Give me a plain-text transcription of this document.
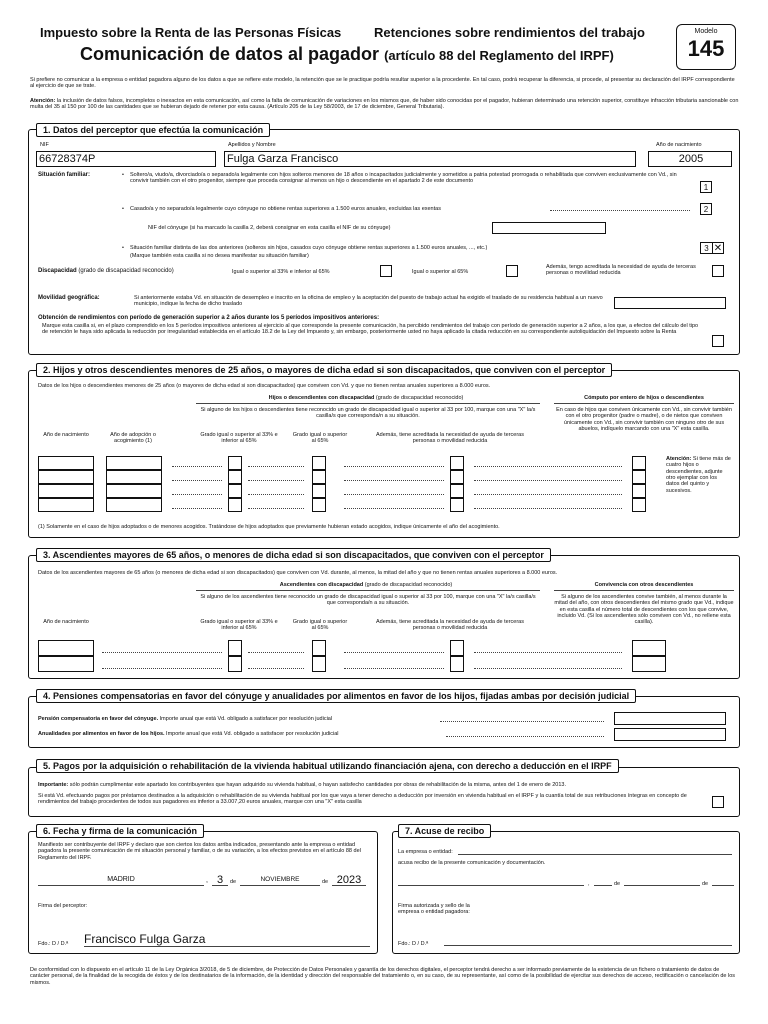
Impuesto sobre la Renta de las Personas Físicas	Retenciones sobre rendimientos del trabajo
Comunicación de datos al pagador (artículo 88 del Reglamento del IRPF)
Modelo
145
Si prefiere no comunicar a la empresa o entidad pagadora alguno de los datos a que se refiere este modelo, la retención que se le practique podría resultar superior a la procedente. En tal caso, podrá recuperar la diferencia, si procede, al presentar su declaración del IRPF correspondiente al ejercicio de que se trate.
Atención: la inclusión de datos falsos, incompletos o inexactos en esta comunicación, así como la falta de comunicación de variaciones en los mismos que, de haber sido conocidas por el pagador, hubieran determinado una retención superior, constituye infracción tributaria sancionable con multa del 35 al 150 por 100 de las cantidades que se hubieran dejado de retener por esta causa. (Artículo 205 de la Ley 58/2003, de 17 de diciembre, General Tributaria).
1. Datos del perceptor que efectúa la comunicación
NIF
66728374P
Apellidos y Nombre
Fulga Garza Francisco
Año de nacimiento
2005
Situación familiar:	• Soltero/a, viudo/a, divorciado/a o separado/a legalmente con hijos solteros menores de 18 años o incapacitados judicialmente y sometidos a patria potestad prorrogada o rehabilitada que conviven exclusivamente con Vd., sin convivir también con el otro progenitor, siempre que proceda consignar al menos un hijo o descendiente en el apartado 2 de este documento
1
• Casado/a y no separado/a legalmente cuyo cónyuge no obtiene rentas superiores a 1.500 euros anuales, excluidas las exentas	2
NIF del cónyuge (si ha marcado la casilla 2, deberá consignar en esta casilla el NIF de su cónyuge)
• Situación familiar distinta de las dos anteriores (solteros sin hijos, casados cuyo cónyuge obtiene rentas superiores a 1.500 euros anuales, ..., etc.)
(Marque también esta casilla si no desea manifestar su situación familiar)
3 ✕
Discapacidad (grado de discapacidad reconocido)	Igual o superior al 33% e inferior al 65%	Igual o superior al 65%
Además, tengo acreditada la necesidad de ayuda de terceras personas o movilidad reducida
Movilidad geográfica:	Si anteriormente estaba Vd. en situación de desempleo e inscrito en la oficina de empleo y la aceptación del puesto de trabajo actual ha exigido el traslado de su residencia habitual a un nuevo municipio, indique la fecha de dicho traslado
Obtención de rendimientos con período de generación superior a 2 años durante los 5 períodos impositivos anteriores:
Marque esta casilla si, en el plazo comprendido en los 5 períodos impositivos anteriores al ejercicio al que corresponde la presente comunicación, ha percibido rendimientos del trabajo con período de generación superior a 2 años, a los que, a efectos del cálculo del tipo de retención le haya sido aplicada la reducción por irregularidad establecida en el artículo 18.2 de la Ley del Impuesto y, sin embargo, posteriormente usted no haya aplicado la citada reducción en su correspondiente autoliquidación del Impuesto sobre la Renta
2. Hijos y otros descendientes menores de 25 años, o mayores de dicha edad si son discapacitados, que conviven con el perceptor
Datos de los hijos o descendientes menores de 25 años (o mayores de dicha edad si son discapacitados) que conviven con Vd. y que no tienen rentas anuales superiores a 8.000 euros.
Hijos o descendientes con discapacidad (grado de discapacidad reconocido)
Si alguno de los hijos o descendientes tiene reconocido un grado de discapacidad igual o superior al 33 por 100, marque con una "X" la/s casilla/s que corresponda/n a su situación.
Cómputo por entero de hijos o descendientes
En caso de hijos que conviven únicamente con Vd., sin convivir también con el otro progenitor (padre o madre), o de nietos que conviven únicamente con Vd., sin convivir también con ninguno otro de sus abuelos, indíquelo marcando con una "X" esta casilla.
Año de nacimiento	Año de adopción o acogimiento (1)
Grado igual o superior al 33% e inferior al 65%
Grado igual o superior al 65%
Además, tiene acreditada la necesidad de ayuda de terceras personas o movilidad reducida
Atención: Si tiene más de cuatro hijos o descendientes, adjunte otro ejemplar con los datos del quinto y sucesivos.
(1) Solamente en el caso de hijos adoptados o de menores acogidos. Tratándose de hijos adoptados que previamente hubieran estado acogidos, indique únicamente el año del acogimiento.
3. Ascendientes mayores de 65 años, o menores de dicha edad si son discapacitados, que conviven con el perceptor
Datos de los ascendientes mayores de 65 años (o menores de dicha edad si son discapacitados) que conviven con Vd. durante, al menos, la mitad del año y que no tienen rentas anuales superiores a 8.000 euros.
Ascendientes con discapacidad (grado de discapacidad reconocido)
Si alguno de los ascendientes tiene reconocido un grado de discapacidad igual o superior al 33 por 100, marque con una "X" la/s casilla/s que corresponda/n a su situación.
Convivencia con otros descendientes
Si alguno de los ascendientes convive también, al menos durante la mitad del año, con otros descendientes del mismo grado que Vd., indique en esta casilla el número total de descendientes con los que convive, incluido Vd. (Si los ascendientes sólo conviven con Vd., no rellene esta casilla).
Año de nacimiento	Grado igual o superior al 33% e inferior al 65%
Grado igual o superior al 65%
Además, tiene acreditada la necesidad de ayuda de terceras personas o movilidad reducida
4. Pensiones compensatorias en favor del cónyuge y anualidades por alimentos en favor de los hijos, fijadas ambas por decisión judicial
Pensión compensatoria en favor del cónyuge. Importe anual que está Vd. obligado a satisfacer por resolución judicial
Anualidades por alimentos en favor de los hijos. Importe anual que está Vd. obligado a satisfacer por resolución judicial
5. Pagos por la adquisición o rehabilitación de la vivienda habitual utilizando financiación ajena, con derecho a deducción en el IRPF
Importante: sólo podrán cumplimentar este apartado los contribuyentes que hayan adquirido su vivienda habitual, o hayan satisfecho cantidades por obras de rehabilitación de la misma, antes del 1 de enero de 2013.
Si está Vd. efectuando pagos por préstamos destinados a la adquisición o rehabilitación de su vivienda habitual por los que vaya a tener derecho a deducción por inversión en vivienda habitual en el IRPF y la cuantía total de sus retribuciones íntegras en concepto de rendimientos del trabajo procedentes de todos sus pagadores es inferior a 33.007,20 euros anuales, marque con una "X" esta casilla
6. Fecha y firma de la comunicación
Manifiesto ser contribuyente del IRPF y declaro que son ciertos los datos arriba indicados, presentando ante la empresa o entidad pagadora la presente comunicación de mi situación personal y familiar, o de su variación, a los efectos previstos en el artículo 88 del Reglamento del IRPF.
MADRID	, 3	de	NOVIEMBRE	de 2023
Firma del perceptor:
Fdo.: D / D.ª Francisco Fulga Garza
7. Acuse de recibo
La empresa o entidad:
acusa recibo de la presente comunicación y documentación.
,	de	de
Firma autorizada y sello de la empresa o entidad pagadora:
Fdo.: D / D.ª
De conformidad con lo dispuesto en el artículo 11 de la Ley Orgánica 3/2018, de 5 de diciembre, de Protección de Datos Personales y garantía de los derechos digitales, el perceptor tendrá derecho a ser informado previamente de la existencia de un fichero o tratamiento de datos de carácter personal, de la finalidad de la recogida de éstos y de los destinatarios de la información, de la identidad y dirección del responsable del tratamiento o, en su caso, de su representante, así como de la posibilidad de ejercitar sus derechos de acceso, rectificación o cancelación de los mismos.
